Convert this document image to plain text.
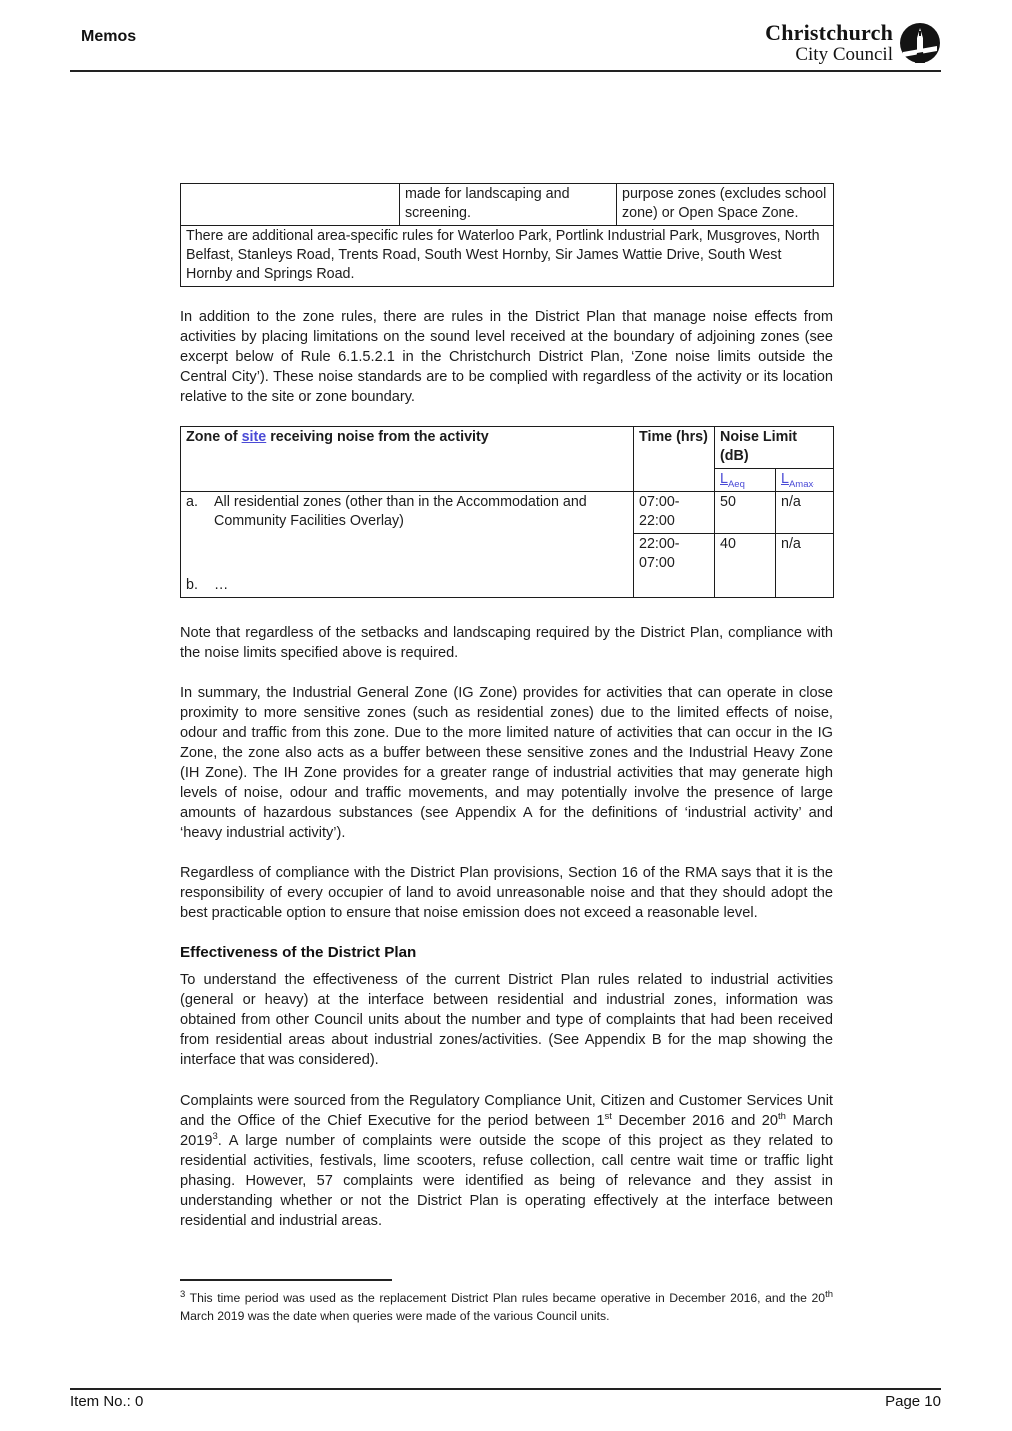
Memos	Christchurch
City Council
	made for landscaping and screening.	purpose zones (excludes school zone) or Open Space Zone.
There are additional area-specific rules for Waterloo Park, Portlink Industrial Park, Musgroves, North Belfast, Stanleys Road, Trents Road, South West Hornby, Sir James Wattie Drive, South West Hornby and Springs Road.

In addition to the zone rules, there are rules in the District Plan that manage noise effects from activities by placing limitations on the sound level received at the boundary of adjoining zones (see excerpt below of Rule 6.1.5.2.1 in the Christchurch District Plan, ‘Zone noise limits outside the Central City’). These noise standards are to be complied with regardless of the activity or its location relative to the site or zone boundary.

Zone of site receiving noise from the activity	Time (hrs)	Noise Limit (dB)	
		$L_{Aeq}$	$L_{Amax}$

a. All residential zones (other than in the Accommodation and Community Facilities Overlay)	07:00-22:00	50	n/a
	22:00-07:00	40	n/a

b. …			

Note that regardless of the setbacks and landscaping required by the District Plan, compliance with the noise limits specified above is required.

In summary, the Industrial General Zone (IG Zone) provides for activities that can operate in close proximity to more sensitive zones (such as residential zones) due to the limited effects of noise, odour and traffic from this zone. Due to the more limited nature of activities that can occur in the IG Zone, the zone also acts as a buffer between these sensitive zones and the Industrial Heavy Zone (IH Zone). The IH Zone provides for a greater range of industrial activities that may generate high levels of noise, odour and traffic movements, and may potentially involve the presence of large amounts of hazardous substances (see Appendix A for the definitions of ‘industrial activity’ and ‘heavy industrial activity’).

Regardless of compliance with the District Plan provisions, Section 16 of the RMA says that it is the responsibility of every occupier of land to avoid unreasonable noise and that they should adopt the best practicable option to ensure that noise emission does not exceed a reasonable level.

Effectiveness of the District Plan

To understand the effectiveness of the current District Plan rules related to industrial activities (general or heavy) at the interface between residential and industrial zones, information was obtained from other Council units about the number and type of complaints that had been received from residential areas about industrial zones/activities. (See Appendix B for the map showing the interface that was considered).

Complaints were sourced from the Regulatory Compliance Unit, Citizen and Customer Services Unit and the Office of the Chief Executive for the period between 1st December 2016 and 20th March 2019$^3$. A large number of complaints were outside the scope of this project as they related to residential activities, festivals, lime scooters, refuse collection, call centre wait time or traffic light phasing. However, 57 complaints were identified as being of relevance and they assist in understanding whether or not the District Plan is operating effectively at the interface between residential and industrial areas.

$^3$ This time period was used as the replacement District Plan rules became operative in December 2016, and the 20th March 2019 was the date when queries were made of the various Council units.

Item No.: 0	Page 10
